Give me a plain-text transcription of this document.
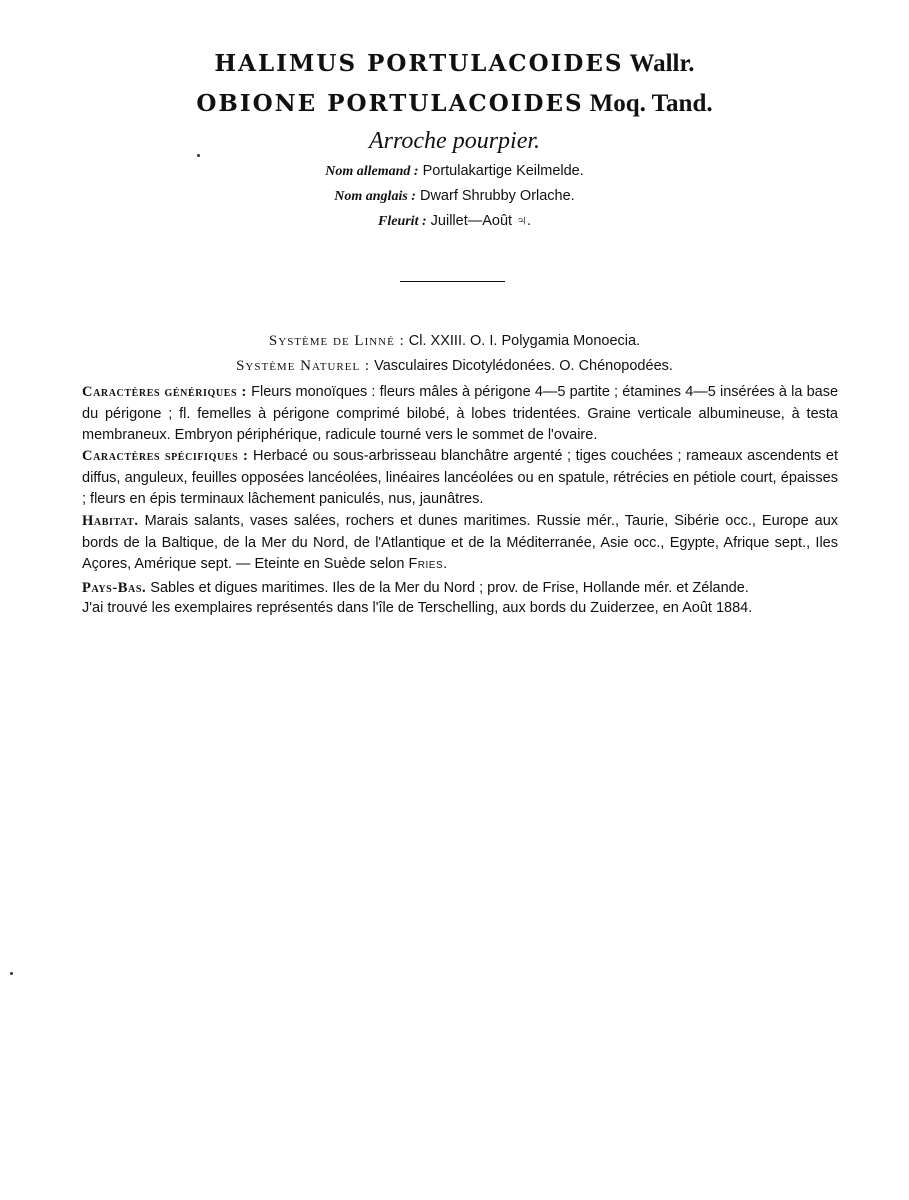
HALIMUS PORTULACOIDES Wallr.
OBIONE PORTULACOIDES Moq. Tand.
Arroche pourpier.
Nom allemand : Portulakartige Keilmelde.
Nom anglais : Dwarf Shrubby Orlache.
Fleurit : Juillet—Août ♃.
Système de Linné : Cl. XXIII. O. I. Polygamia Monoecia.
Système Naturel : Vasculaires Dicotylédonées. O. Chénopodées.
Caractères génériques : Fleurs monoïques : fleurs mâles à périgone 4—5 partite ; étamines 4—5 insérées à la base du périgone ; fl. femelles à périgone comprimé bilobé, à lobes tridentées. Graine verticale albumineuse, à testa membraneux. Embryon périphérique, radicule tourné vers le sommet de l'ovaire.
Caractères spécifiques : Herbacé ou sous-arbrisseau blanchâtre argenté ; tiges couchées ; rameaux ascendents et diffus, anguleux, feuilles opposées lancéolées, linéaires lancéolées ou en spatule, rétrécies en pétiole court, épaisses ; fleurs en épis terminaux lâchement paniculés, nus, jaunâtres.
Habitat. Marais salants, vases salées, rochers et dunes maritimes. Russie mér., Taurie, Sibérie occ., Europe aux bords de la Baltique, de la Mer du Nord, de l'Atlantique et de la Méditerranée, Asie occ., Egypte, Afrique sept., Iles Açores, Amérique sept. — Eteinte en Suède selon Fries.
Pays-Bas. Sables et digues maritimes. Iles de la Mer du Nord ; prov. de Frise, Hollande mér. et Zélande.
J'ai trouvé les exemplaires représentés dans l'île de Terschelling, aux bords du Zuiderzee, en Août 1884.
